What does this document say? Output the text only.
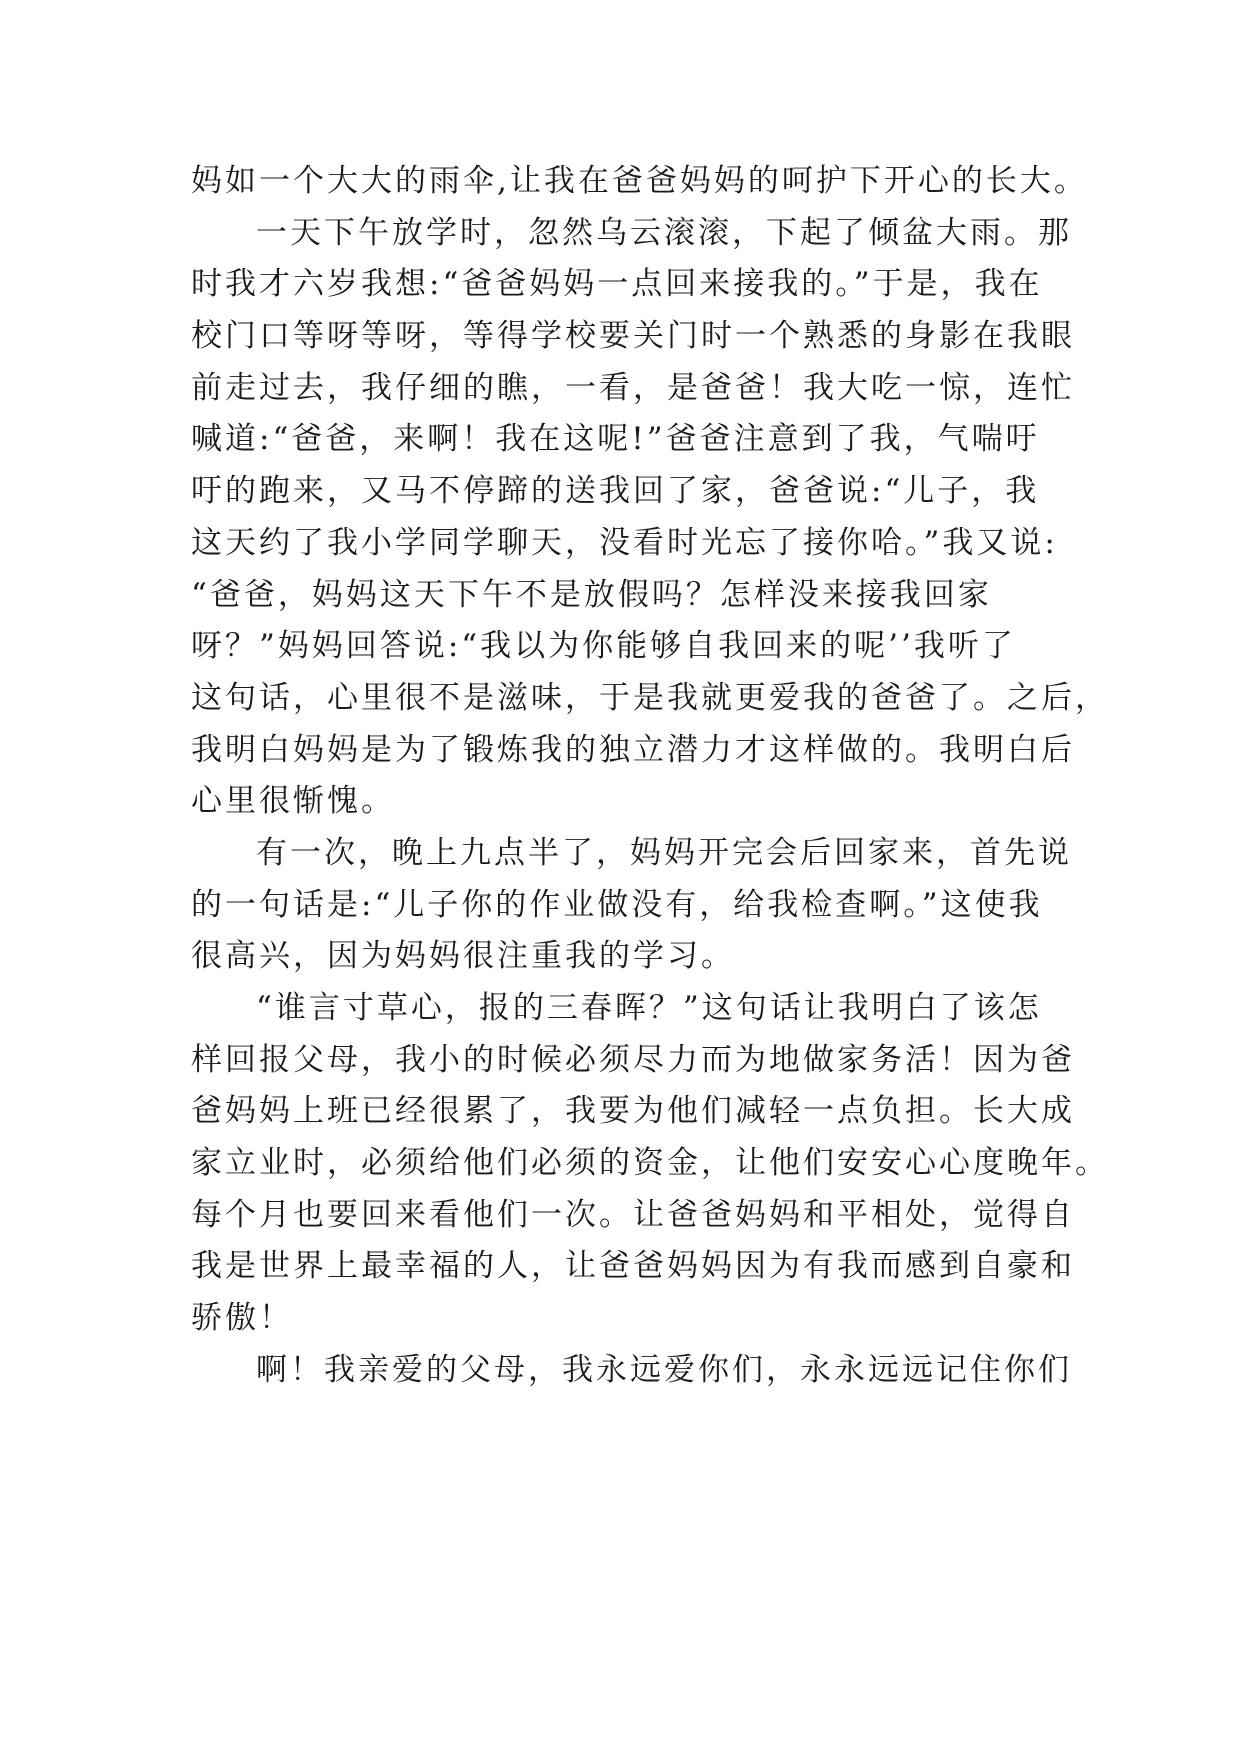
妈如一个大大的雨伞,让我在爸爸妈妈的呵护下开心的长大。
一天下午放学时，忽然乌云滚滚，下起了倾盆大雨。那
时我才六岁我想:“爸爸妈妈一点回来接我的。”于是，我在
校门口等呀等呀，等得学校要关门时一个熟悉的身影在我眼
前走过去，我仔细的瞧，一看，是爸爸！我大吃一惊，连忙
喊道:“爸爸，来啊！我在这呢!”爸爸注意到了我，气喘吁
吁的跑来，又马不停蹄的送我回了家，爸爸说:“儿子，我
这天约了我小学同学聊天，没看时光忘了接你哈。”我又说:
“爸爸，妈妈这天下午不是放假吗？怎样没来接我回家
呀？”妈妈回答说:“我以为你能够自我回来的呢’’我听了
这句话，心里很不是滋味，于是我就更爱我的爸爸了。之后，
我明白妈妈是为了锻炼我的独立潜力才这样做的。我明白后
心里很惭愧。
有一次，晚上九点半了，妈妈开完会后回家来，首先说
的一句话是:“儿子你的作业做没有，给我检查啊。”这使我
很高兴，因为妈妈很注重我的学习。
“谁言寸草心，报的三春晖？”这句话让我明白了该怎
样回报父母，我小的时候必须尽力而为地做家务活！因为爸
爸妈妈上班已经很累了，我要为他们减轻一点负担。长大成
家立业时，必须给他们必须的资金，让他们安安心心度晚年。
每个月也要回来看他们一次。让爸爸妈妈和平相处，觉得自
我是世界上最幸福的人，让爸爸妈妈因为有我而感到自豪和
骄傲！
啊！我亲爱的父母，我永远爱你们，永永远远记住你们
